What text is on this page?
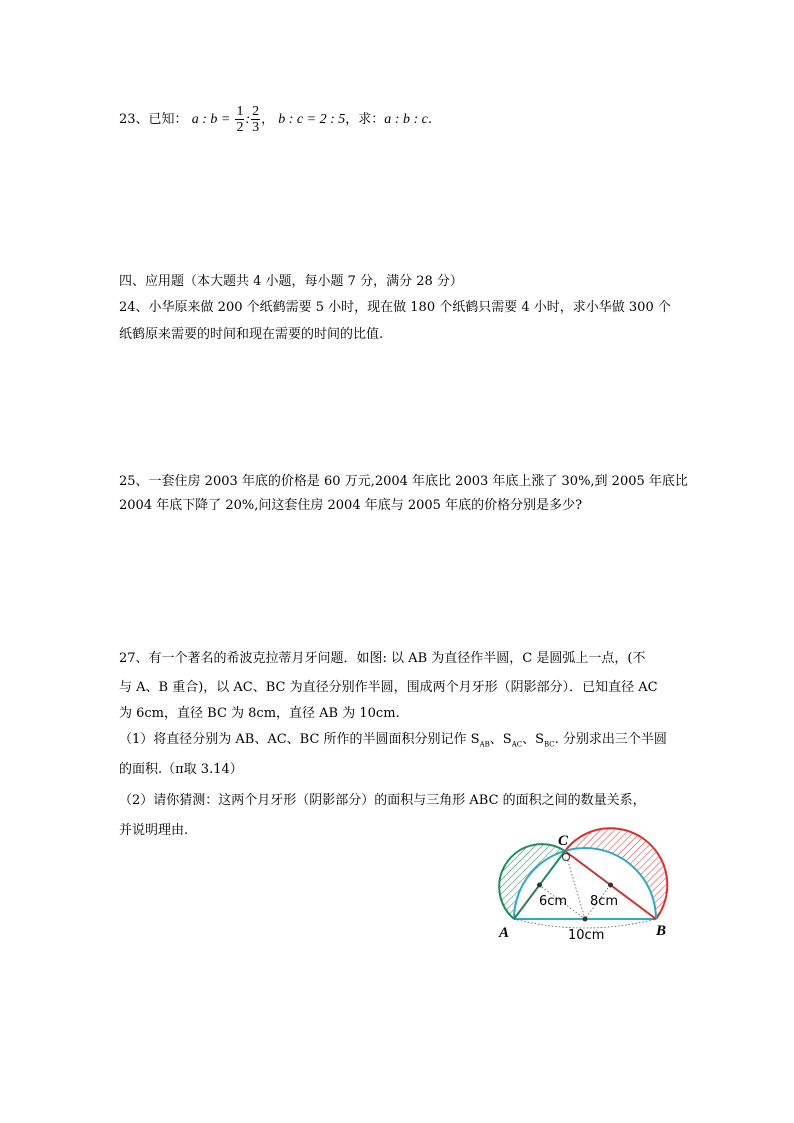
23、已知： a : $b = \frac{1}{2}$ : $\frac{2}{3}$ ， b : c = 2 : 5，求：a : b : c.
四、应用题（本大题共 4 小题，每小题 7 分，满分 28 分）
24、小华原来做 200 个纸鹤需要 5 小时，现在做 180 个纸鹤只需要 4 小时，求小华做 300 个
纸鹤原来需要的时间和现在需要的时间的比值.
25、一套住房 2003 年底的价格是 60 万元,2004 年底比 2003 年底上涨了 30%,到 2005 年底比
2004 年底下降了 20%,问这套住房 2004 年底与 2005 年底的价格分别是多少?
27、有一个著名的希波克拉蒂月牙问题．如图: 以 AB 为直径作半圆，C 是圆弧上一点，(不
与 A、B 重合)，以 AC、BC 为直径分别作半圆，围成两个月牙形（阴影部分）．已知直径 AC
为 6cm，直径 BC 为 8cm，直径 AB 为 10cm.
（1）将直径分别为 AB、AC、BC 所作的半圆面积分别记作 $S_{AB}$、$S_{AC}$、$S_{BC}$. 分别求出三个半圆
的面积.（π取 3.14）
（2）请你猜测：这两个月牙形（阴影部分）的面积与三角形 ABC 的面积之间的数量关系，
并说明理由.
C
A	B
6cm 8cm
10cm
